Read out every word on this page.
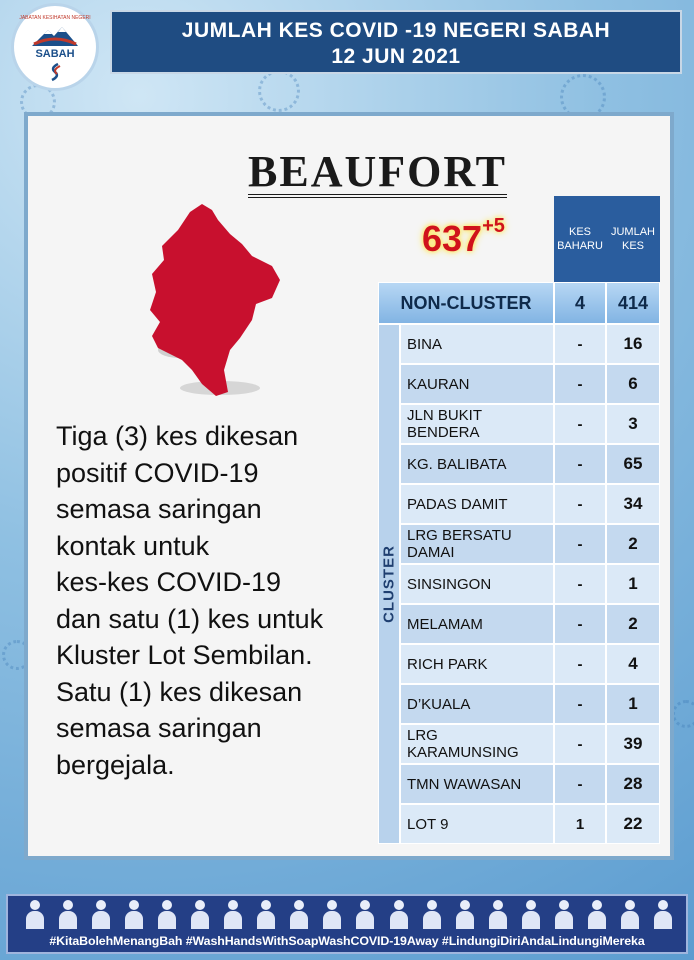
JABATAN KESIHATAN NEGERI
SABAH
JUMLAH KES COVID -19 NEGERI SABAH
12 JUN 2021
BEAUFORT
$637^{+5}$
Tiga (3) kes dikesan
positif COVID-19
semasa saringan
kontak untuk
kes-kes COVID-19
dan satu (1) kes untuk
Kluster Lot Sembilan.
Satu (1) kes dikesan
semasa saringan
bergejala.
KES
BAHARU
JUMLAH
KES
NON-CLUSTER	4	414
CLUSTER
BINA	-	16
KAURAN	-	6
JLN BUKIT BENDERA	-	3
KG. BALIBATA	-	65
PADAS DAMIT	-	34
LRG BERSATU DAMAI	-	2
SINSINGON	-	1
MELAMAM	-	2
RICH PARK	-	4
D’KUALA	-	1
LRG KARAMUNSING	-	39
TMN WAWASAN	-	28
LOT 9	1	22
#KitaBolehMenangBah #WashHandsWithSoapWashCOVID-19Away #LindungiDiriAndaLindungiMereka
